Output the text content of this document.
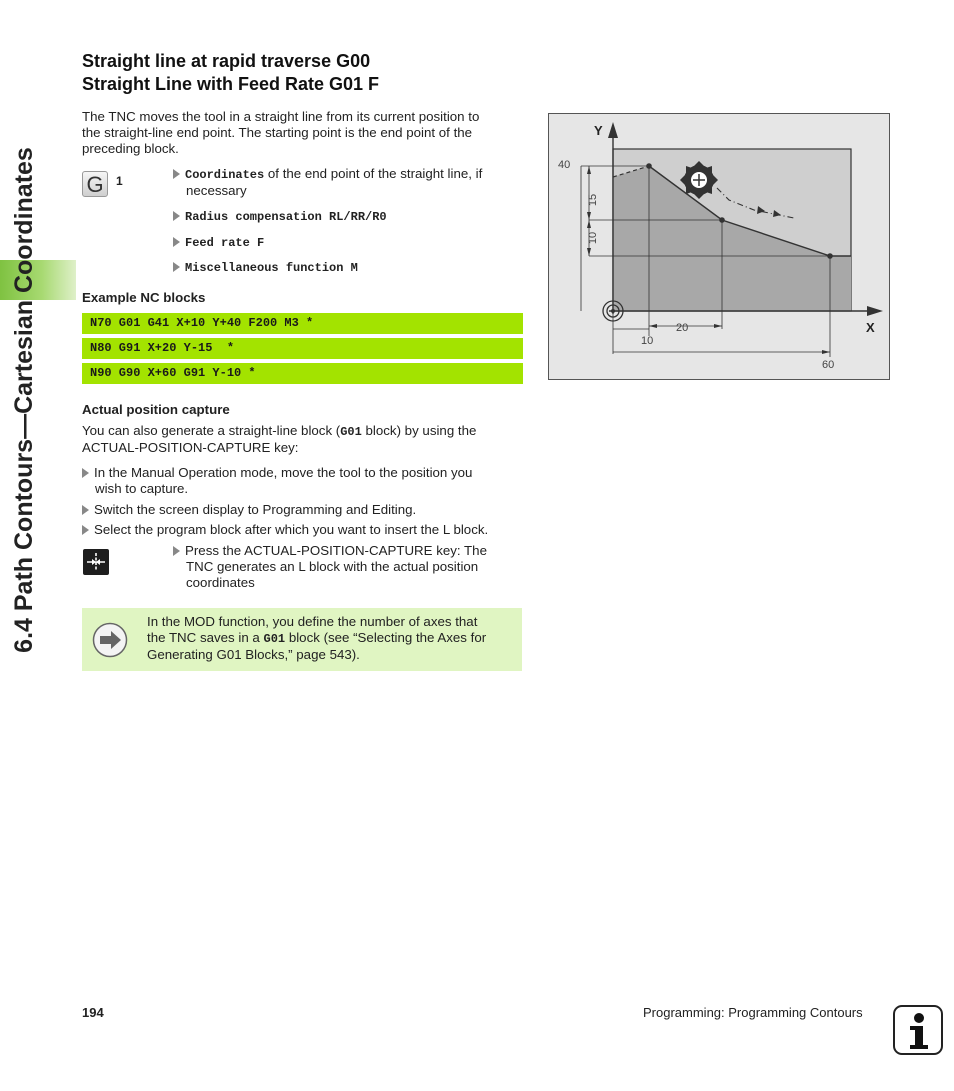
6.4 Path Contours—Cartesian Coordinates
Straight line at rapid traverse G00
Straight Line with Feed Rate G01 F
The TNC moves the tool in a straight line from its current position to
the straight-line end point. The starting point is the end point of the
preceding block.
G	1	Coordinates of the end point of the straight line, if
necessary
Radius compensation RL/RR/R0
Feed rate F
Miscellaneous function M
Example NC blocks
N70 G01 G41 X+10 Y+40 F200 M3 *
N80 G91 X+20 Y-15  *
N90 G90 X+60 G91 Y-10 *
Actual position capture
You can also generate a straight-line block (G01 block) by using the
ACTUAL-POSITION-CAPTURE key:
In the Manual Operation mode, move the tool to the position you
wish to capture.
Switch the screen display to Programming and Editing.
Select the program block after which you want to insert the L block.
Press the ACTUAL-POSITION-CAPTURE key: The
TNC generates an L block with the actual position
coordinates
In the MOD function, you define the number of axes that
the TNC saves in a G01 block (see “Selecting the Axes for
Generating G01 Blocks,” page 543).
Y
X
40
15
10
20
10
60
194	Programming: Programming Contours
